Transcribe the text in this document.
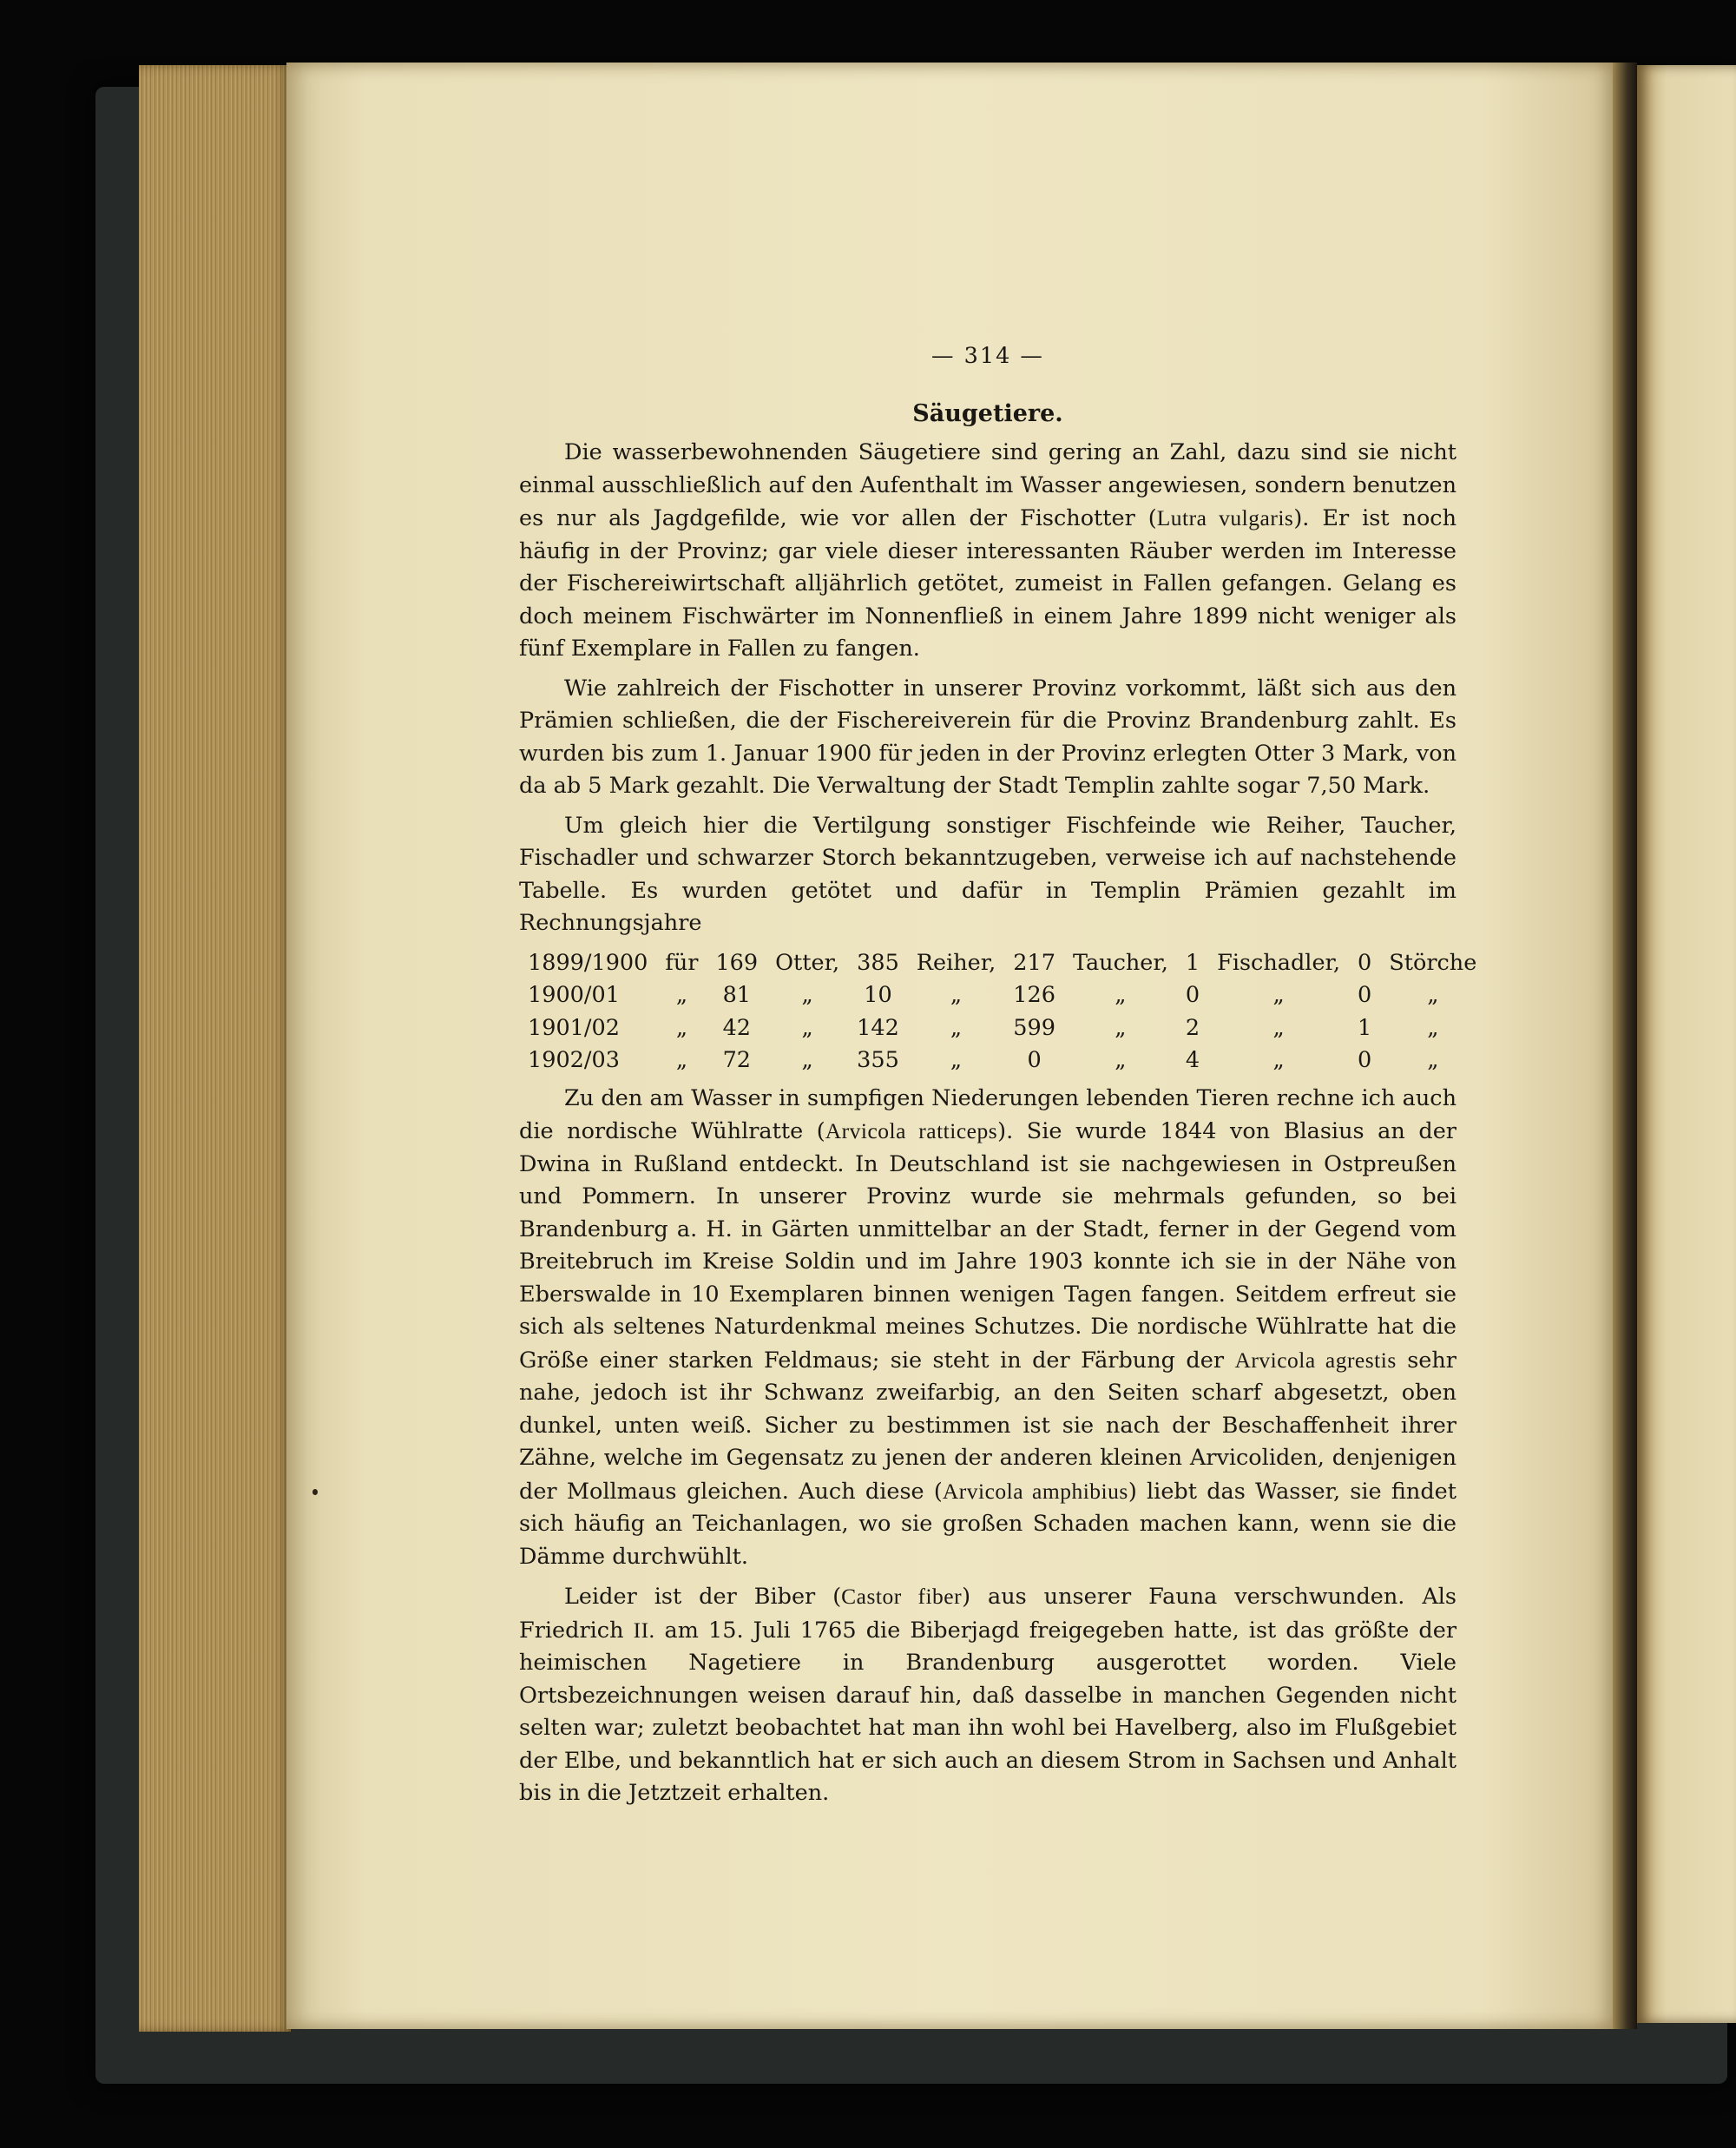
— 314 —
Säugetiere.

Die wasserbewohnenden Säugetiere sind gering an Zahl, dazu sind sie nicht einmal ausschließlich auf den Aufenthalt im Wasser angewiesen, sondern benutzen es nur als Jagdgefilde, wie vor allen der Fischotter (Lutra vulgaris). Er ist noch häufig in der Provinz; gar viele dieser interessanten Räuber werden im Interesse der Fischereiwirtschaft alljährlich getötet, zumeist in Fallen gefangen. Gelang es doch meinem Fischwärter im Nonnenfließ in einem Jahre 1899 nicht weniger als fünf Exemplare in Fallen zu fangen.

Wie zahlreich der Fischotter in unserer Provinz vorkommt, läßt sich aus den Prämien schließen, die der Fischereiverein für die Provinz Brandenburg zahlt. Es wurden bis zum 1. Januar 1900 für jeden in der Provinz erlegten Otter 3 Mark, von da ab 5 Mark gezahlt. Die Verwaltung der Stadt Templin zahlte sogar 7,50 Mark.

Um gleich hier die Vertilgung sonstiger Fischfeinde wie Reiher, Taucher, Fischadler und schwarzer Storch bekanntzugeben, verweise ich auf nachstehende Tabelle. Es wurden getötet und dafür in Templin Prämien gezahlt im Rechnungsjahre

1899/1900	für	169	Otter,	385	Reiher,	217	Taucher,	1	Fischadler,	0	Störche
1900/01	„	81	„	10	„	126	„	0	„	0	„
1901/02	„	42	„	142	„	599	„	2	„	1	„
1902/03	„	72	„	355	„	0	„	4	„	0	„

Zu den am Wasser in sumpfigen Niederungen lebenden Tieren rechne ich auch die nordische Wühlratte (Arvicola ratticeps). Sie wurde 1844 von Blasius an der Dwina in Rußland entdeckt. In Deutschland ist sie nachgewiesen in Ostpreußen und Pommern. In unserer Provinz wurde sie mehrmals gefunden, so bei Brandenburg a. H. in Gärten unmittelbar an der Stadt, ferner in der Gegend vom Breitebruch im Kreise Soldin und im Jahre 1903 konnte ich sie in der Nähe von Eberswalde in 10 Exemplaren binnen wenigen Tagen fangen. Seitdem erfreut sie sich als seltenes Naturdenkmal meines Schutzes. Die nordische Wühlratte hat die Größe einer starken Feldmaus; sie steht in der Färbung der Arvicola agrestis sehr nahe, jedoch ist ihr Schwanz zweifarbig, an den Seiten scharf abgesetzt, oben dunkel, unten weiß. Sicher zu bestimmen ist sie nach der Beschaffenheit ihrer Zähne, welche im Gegensatz zu jenen der anderen kleinen Arvicoliden, denjenigen der Mollmaus gleichen. Auch diese (Arvicola amphibius) liebt das Wasser, sie findet sich häufig an Teichanlagen, wo sie großen Schaden machen kann, wenn sie die Dämme durchwühlt.

Leider ist der Biber (Castor fiber) aus unserer Fauna verschwunden. Als Friedrich II. am 15. Juli 1765 die Biberjagd freigegeben hatte, ist das größte der heimischen Nagetiere in Brandenburg ausgerottet worden. Viele Ortsbezeichnungen weisen darauf hin, daß dasselbe in manchen Gegenden nicht selten war; zuletzt beobachtet hat man ihn wohl bei Havelberg, also im Flußgebiet der Elbe, und bekanntlich hat er sich auch an diesem Strom in Sachsen und Anhalt bis in die Jetztzeit erhalten.
